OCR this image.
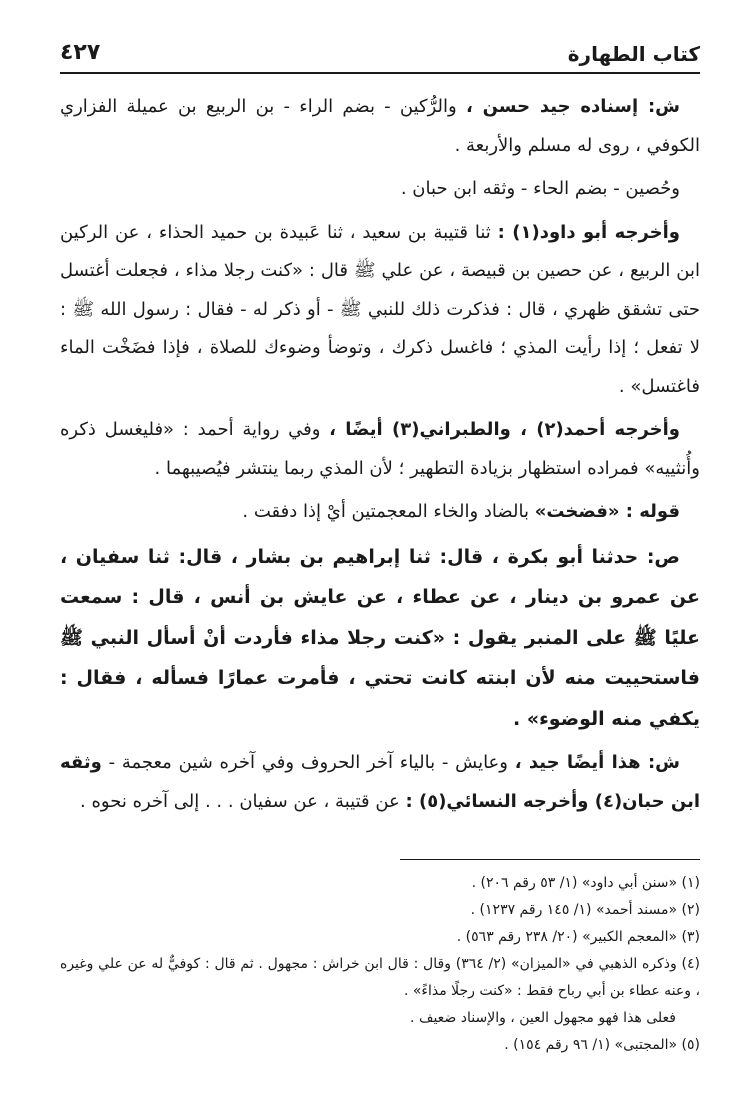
كتاب الطهارة
٤٢٧

ش: إسناده جيد حسن ، والرُّكين - بضم الراء - بن الربيع بن عميلة الفزاري الكوفي ، روى له مسلم والأربعة .

وحُصين - بضم الحاء - وثقه ابن حبان .

وأخرجه أبو داود(١) : ثنا قتيبة بن سعيد ، ثنا عَبيدة بن حميد الحذاء ، عن الركين ابن الربيع ، عن حصين بن قبيصة ، عن علي ﷺ قال : «كنت رجلا مذاء ، فجعلت أغتسل حتى تشقق ظهري ، قال : فذكرت ذلك للنبي ﷺ - أو ذكر له - فقال : رسول الله ﷺ : لا تفعل ؛ إذا رأيت المذي ؛ فاغسل ذكرك ، وتوضأ وضوءك للصلاة ، فإذا فضَخْت الماء فاغتسل» .

وأخرجه أحمد(٢) ، والطبراني(٣) أيضًا ، وفي رواية أحمد : «فليغسل ذكره وأُنثييه» فمراده استظهار بزيادة التطهير ؛ لأن المذي ربما ينتشر فيُصيبهما .

قوله : «فضخت» بالضاد والخاء المعجمتين أيْ إذا دفقت .

ص: حدثنا أبو بكرة ، قال: ثنا إبراهيم بن بشار ، قال: ثنا سفيان ، عن عمرو بن دينار ، عن عطاء ، عن عايش بن أنس ، قال : سمعت عليًا ﷺ على المنبر يقول : «كنت رجلا مذاء فأردت أنْ أسأل النبي ﷺ فاستحييت منه لأن ابنته كانت تحتي ، فأمرت عمارًا فسأله ، فقال : يكفي منه الوضوء» .

ش: هذا أيضًا جيد ، وعايش - بالياء آخر الحروف وفي آخره شين معجمة - وثقه ابن حبان(٤) وأخرجه النسائي(٥) : عن قتيبة ، عن سفيان . . . إلى آخره نحوه .

(١) «سنن أبي داود» (١/ ٥٣ رقم ٢٠٦) .

(٢) «مسند أحمد» (١/ ١٤٥ رقم ١٢٣٧) .

(٣) «المعجم الكبير» (٢٠/ ٢٣٨ رقم ٥٦٣) .

(٤) وذكره الذهبي في «الميزان» (٢/ ٣٦٤) وقال : قال ابن خراش : مجهول . ثم قال : كوفيٌّ له عن علي وغيره ، وعنه عطاء بن أبي رباح فقط : «كنت رجلًا مذاءً» .

فعلى هذا فهو مجهول العين ، والإسناد ضعيف .

(٥) «المجتبى» (١/ ٩٦ رقم ١٥٤) .
